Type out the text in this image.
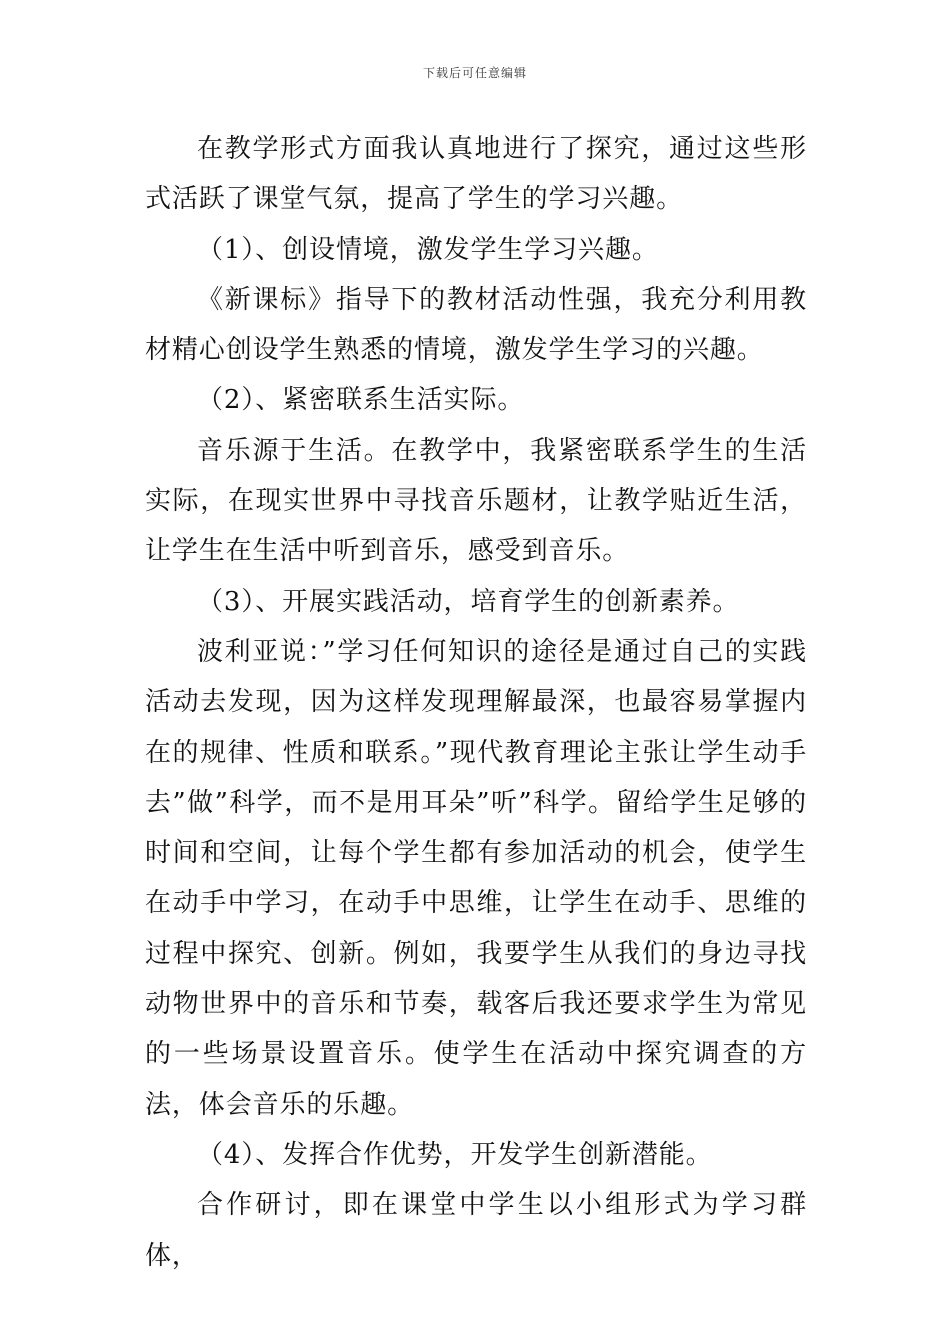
下载后可任意编辑

在教学形式方面我认真地进行了探究，通过这些形式活跃了课堂气氛，提高了学生的学习兴趣。

（1）、创设情境，激发学生学习兴趣。

《新课标》指导下的教材活动性强，我充分利用教材精心创设学生熟悉的情境，激发学生学习的兴趣。

（2）、紧密联系生活实际。

音乐源于生活。在教学中，我紧密联系学生的生活实际，在现实世界中寻找音乐题材，让教学贴近生活，让学生在生活中听到音乐，感受到音乐。

（3）、开展实践活动，培育学生的创新素养。

波利亚说：”学习任何知识的途径是通过自己的实践活动去发现，因为这样发现理解最深，也最容易掌握内在的规律、性质和联系。”现代教育理论主张让学生动手去”做”科学，而不是用耳朵”听”科学。留给学生足够的时间和空间，让每个学生都有参加活动的机会，使学生在动手中学习，在动手中思维，让学生在动手、思维的过程中探究、创新。例如，我要学生从我们的身边寻找动物世界中的音乐和节奏，载客后我还要求学生为常见的一些场景设置音乐。使学生在活动中探究调查的方法，体会音乐的乐趣。

（4）、发挥合作优势，开发学生创新潜能。

合作研讨，即在课堂中学生以小组形式为学习群体，
